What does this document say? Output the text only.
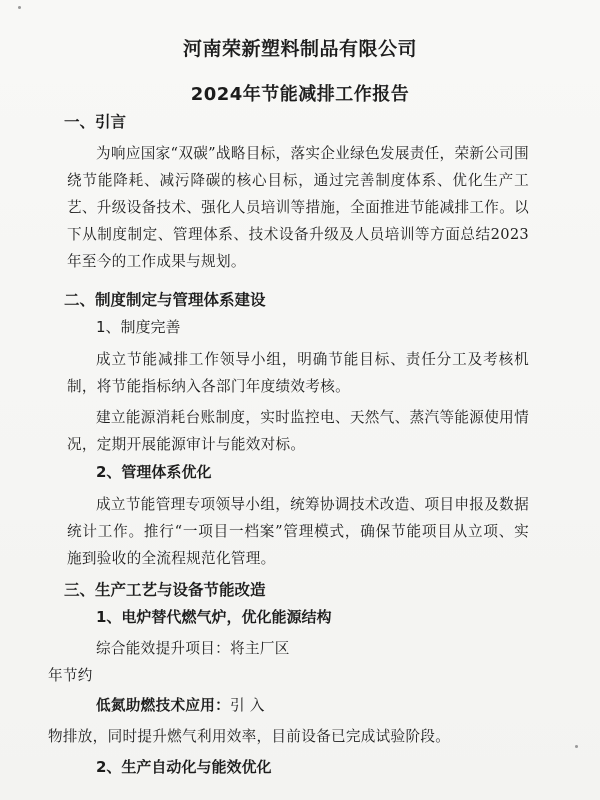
河南荣新塑料制品有限公司
2024年节能减排工作报告
一、引言
为响应国家“双碳”战略目标，落实企业绿色发展责任，荣新公司围绕节能降耗、减污降碳的核心目标，通过完善制度体系、优化生产工艺、升级设备技术、强化人员培训等措施，全面推进节能减排工作。以下从制度制定、管理体系、技术设备升级及人员培训等方面总结2023年至今的工作成果与规划。
二、制度制定与管理体系建设
1、制度完善
成立节能减排工作领导小组，明确节能目标、责任分工及考核机制，将节能指标纳入各部门年度绩效考核。
建立能源消耗台账制度，实时监控电、天然气、蒸汽等能源使用情况，定期开展能源审计与能效对标。
2、管理体系优化
成立节能管理专项领导小组，统筹协调技术改造、项目申报及数据统计工作。推行“一项目一档案”管理模式，确保节能项目从立项、实施到验收的全流程规范化管理。
三、生产工艺与设备节能改造
1、电炉替代燃气炉，优化能源结构
综合能效提升项目：将主厂区
年节约
低氮助燃技术应用：引 入
物排放，同时提升燃气利用效率，目前设备已完成试验阶段。
2、生产自动化与能效优化
